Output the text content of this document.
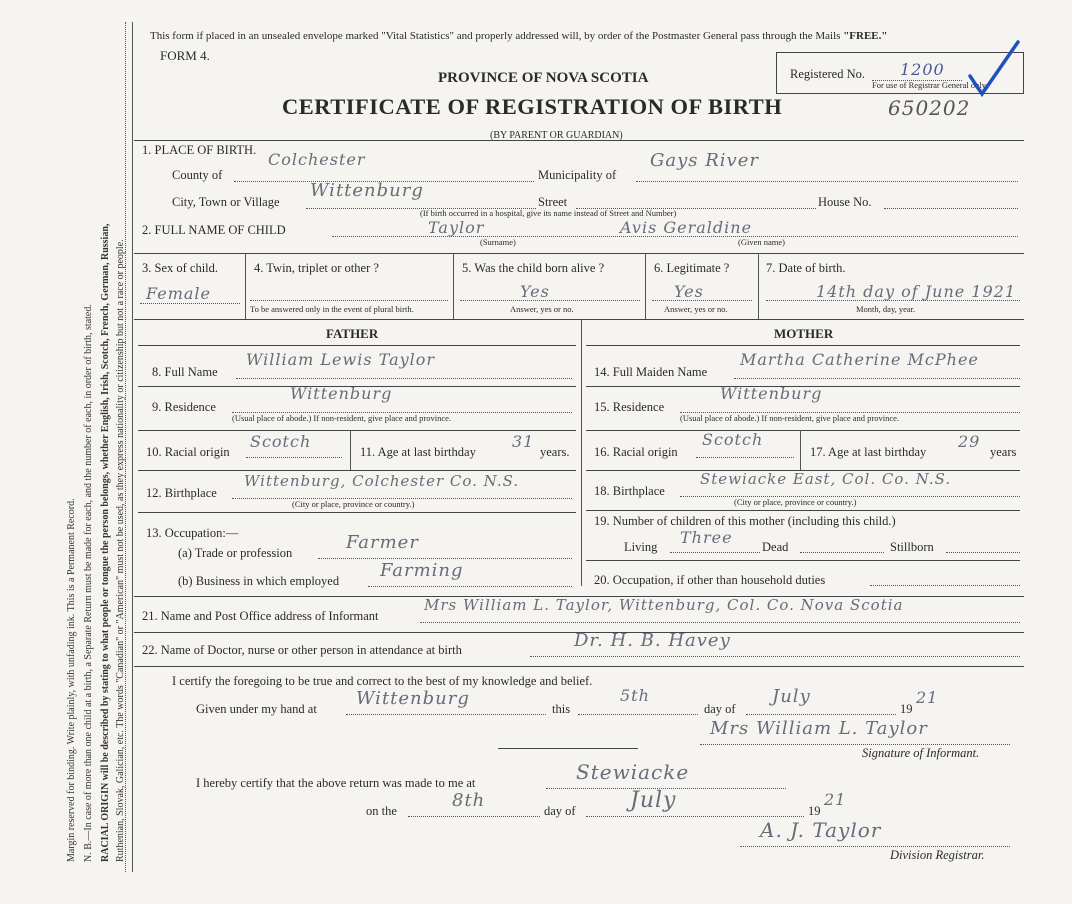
Margin reserved for binding. Write plainly, with unfading ink. This is a Permanent Record. N. B.—In case of more than one child at a birth, a Separate Return must be made for each, and the number of each, in order of birth, stated. RACIAL ORIGIN will be described by stating to what people or tongue the person belongs, whether English, Irish, Scotch, French, German, Russian, Ruthenian, Slovak, Galician, etc. The words "Canadian" or "American" must not be used, as they express nationality or citizenship but not a race or people.
This form if placed in an unsealed envelope marked "Vital Statistics" and properly addressed will, by order of the Postmaster General pass through the Mails "FREE."
FORM 4.
PROVINCE OF NOVA SCOTIA
CERTIFICATE OF REGISTRATION OF BIRTH
(BY PARENT OR GUARDIAN)
650202
Registered No. 1200
For use of Registrar General only.
1. PLACE OF BIRTH.
County of
Colchester
Municipality of
Gays River
City, Town or Village
Wittenburg
Street	House No.
(If birth occurred in a hospital, give its name instead of Street and Number)
2. FULL NAME OF CHILD	Taylor	Avis Geraldine
(Surname)	(Given name)
3. Sex of child.
Female
4. Twin, triplet or other ?
To be answered only in the event of plural birth.
5. Was the child born alive ?
Yes
Answer, yes or no.
6. Legitimate ?
Yes
Answer, yes or no.
7. Date of birth.
14th day of June 1921
Month, day, year.
FATHER	MOTHER
8. Full Name
William Lewis Taylor
9. Residence
Wittenburg
(Usual place of abode.) If non-resident, give place and province.
10. Racial origin
Scotch
11. Age at last birthday
31
years.
12. Birthplace
Wittenburg, Colchester Co. N.S.
(City or place, province or country.)
13. Occupation:—
(a) Trade or profession	Farmer
(b) Business in which employed Farming
14. Full Maiden Name
Martha Catherine McPhee
15. Residence
Wittenburg
(Usual place of abode.) If non-resident, give place and province.
16. Racial origin
Scotch
17. Age at last birthday
29
years
18. Birthplace
Stewiacke East, Col. Co. N.S.
(City or place, province or country.)
19. Number of children of this mother (including this child.)
Living Three Dead	Stillborn
20. Occupation, if other than household duties
21. Name and Post Office address of Informant
Mrs William L. Taylor, Wittenburg, Col. Co. Nova Scotia
22. Name of Doctor, nurse or other person in attendance at birth	Dr. H. B. Havey
I certify the foregoing to be true and correct to the best of my knowledge and belief.
Given under my hand at Wittenburg	this
5th
day of
July
19
21
Mrs William L. Taylor
Signature of Informant.
I hereby certify that the above return was made to me at	Stewiacke
on the	8th	day of July	19
21
A. J. Taylor
Division Registrar.
